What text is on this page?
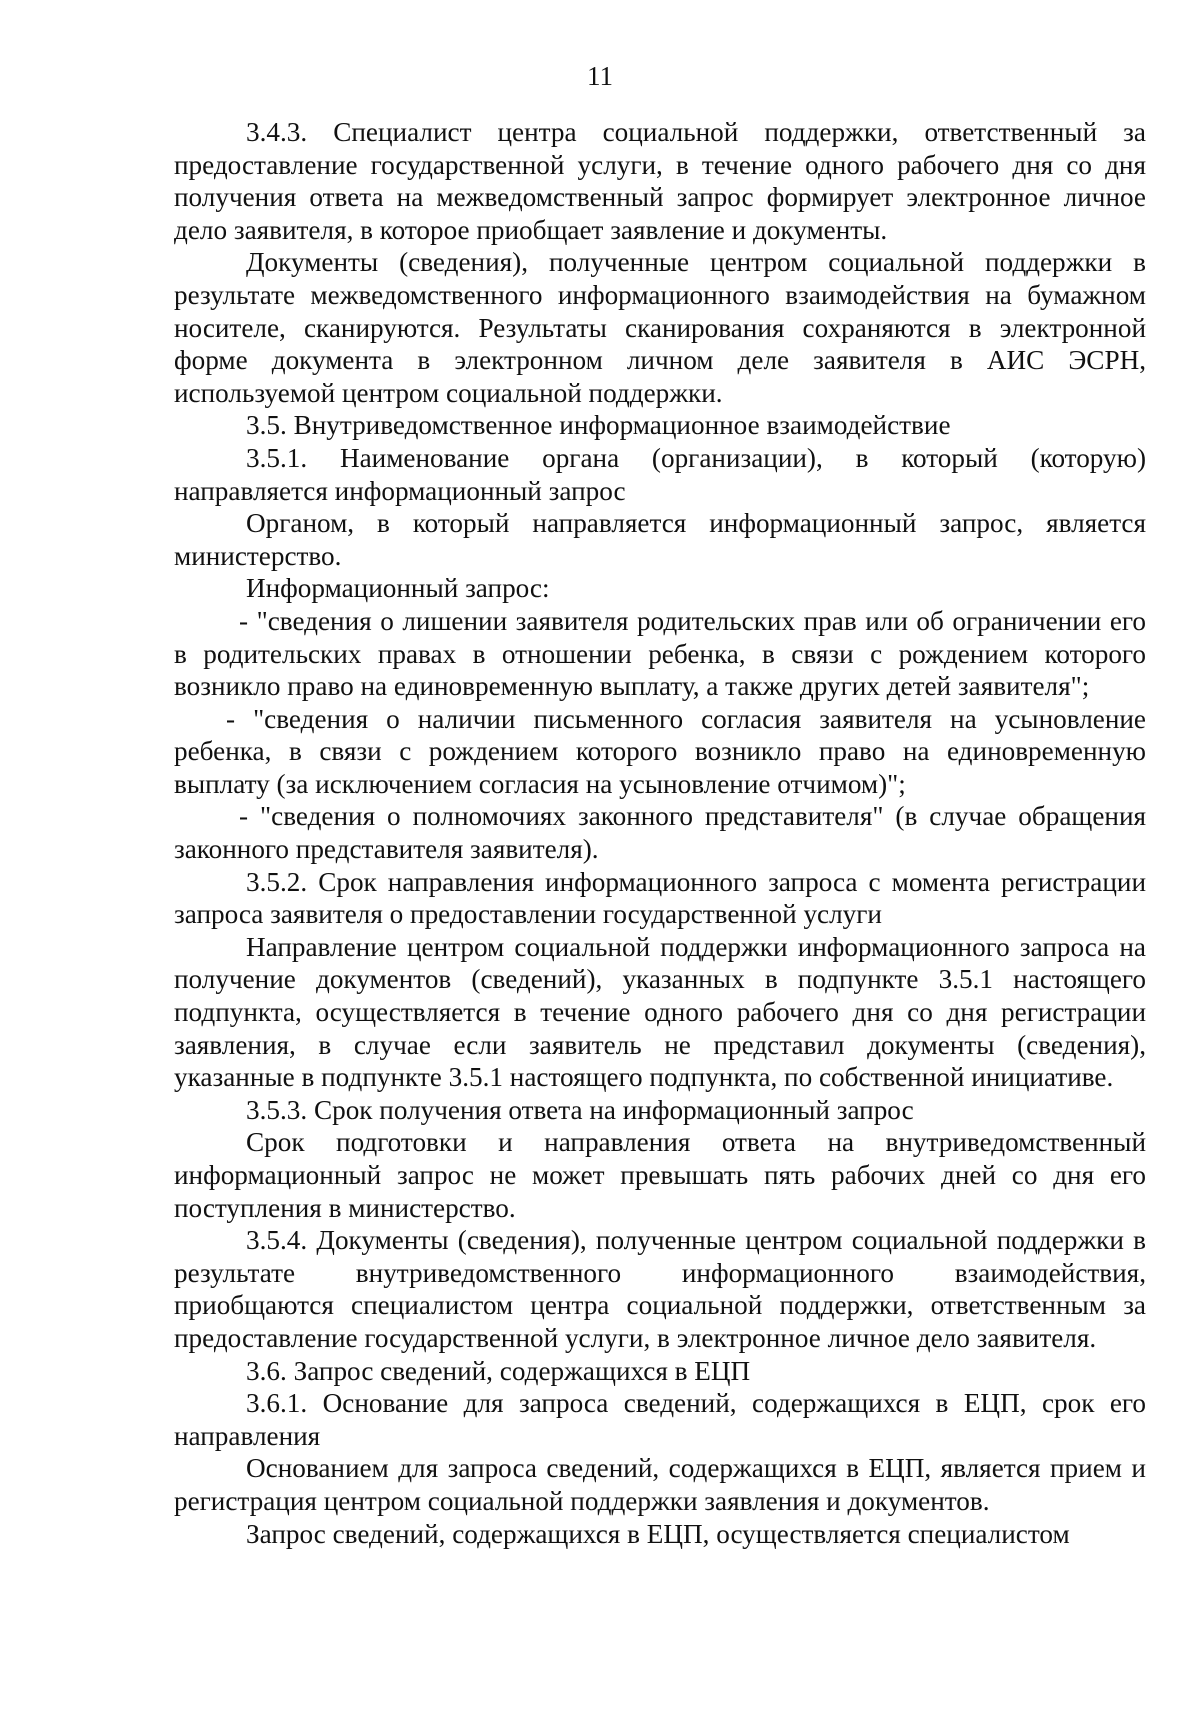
11

3.4.3. Специалист центра социальной поддержки, ответственный за предоставление государственной услуги, в течение одного рабочего дня со дня получения ответа на межведомственный запрос формирует электронное личное дело заявителя, в которое приобщает заявление и документы.

Документы (сведения), полученные центром социальной поддержки в результате межведомственного информационного взаимодействия на бумажном носителе, сканируются. Результаты сканирования сохраняются в электронной форме документа в электронном личном деле заявителя в АИС ЭСРН, используемой центром социальной поддержки.

3.5. Внутриведомственное информационное взаимодействие

3.5.1. Наименование органа (организации), в который (которую) направляется информационный запрос

Органом, в который направляется информационный запрос, является министерство.

Информационный запрос:

- "сведения о лишении заявителя родительских прав или об ограничении его в родительских правах в отношении ребенка, в связи с рождением которого возникло право на единовременную выплату, а также других детей заявителя";

- "сведения о наличии письменного согласия заявителя на усыновление ребенка, в связи с рождением которого возникло право на единовременную выплату (за исключением согласия на усыновление отчимом)";

- "сведения о полномочиях законного представителя" (в случае обращения законного представителя заявителя).

3.5.2. Срок направления информационного запроса с момента регистрации запроса заявителя о предоставлении государственной услуги

Направление центром социальной поддержки информационного запроса на получение документов (сведений), указанных в подпункте 3.5.1 настоящего подпункта, осуществляется в течение одного рабочего дня со дня регистрации заявления, в случае если заявитель не представил документы (сведения), указанные в подпункте 3.5.1 настоящего подпункта, по собственной инициативе.

3.5.3. Срок получения ответа на информационный запрос

Срок подготовки и направления ответа на внутриведомственный информационный запрос не может превышать пять рабочих дней со дня его поступления в министерство.

3.5.4. Документы (сведения), полученные центром социальной поддержки в результате внутриведомственного информационного взаимодействия, приобщаются специалистом центра социальной поддержки, ответственным за предоставление государственной услуги, в электронное личное дело заявителя.

3.6. Запрос сведений, содержащихся в ЕЦП

3.6.1. Основание для запроса сведений, содержащихся в ЕЦП, срок его направления

Основанием для запроса сведений, содержащихся в ЕЦП, является прием и регистрация центром социальной поддержки заявления и документов.

Запрос сведений, содержащихся в ЕЦП, осуществляется специалистом
